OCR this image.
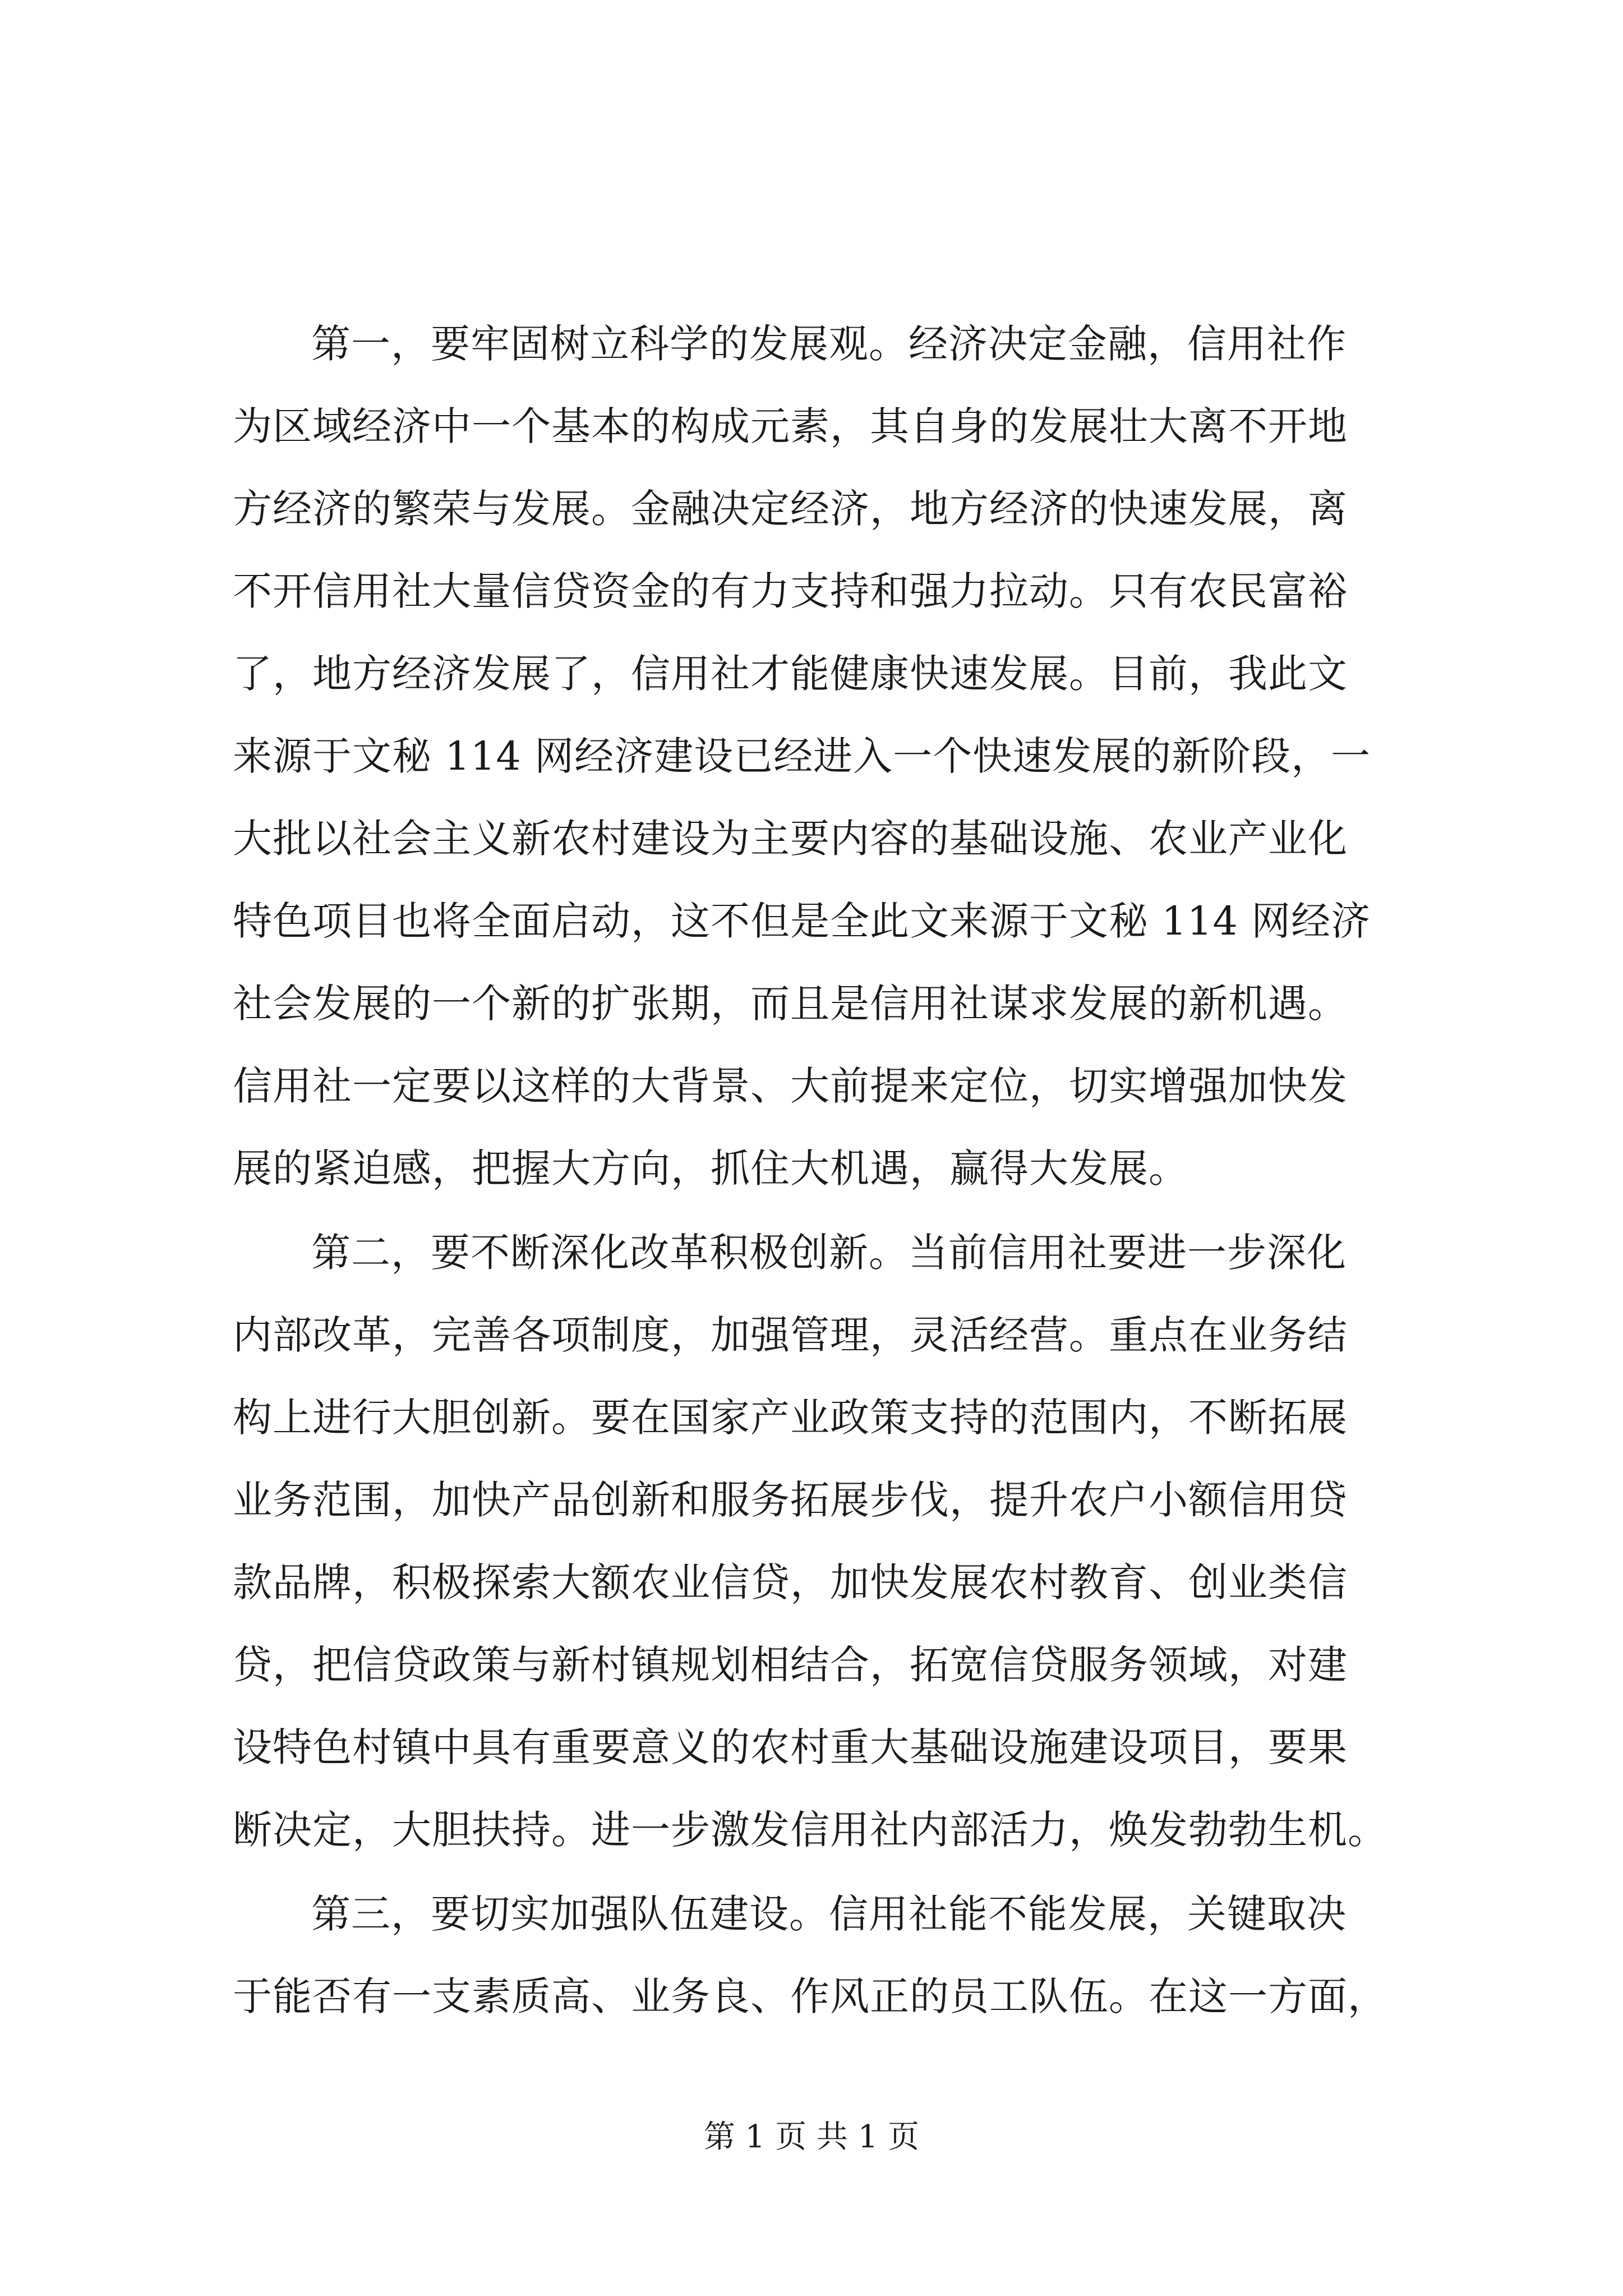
第一，要牢固树立科学的发展观。经济决定金融，信用社作
为区域经济中一个基本的构成元素，其自身的发展壮大离不开地
方经济的繁荣与发展。金融决定经济，地方经济的快速发展，离
不开信用社大量信贷资金的有力支持和强力拉动。只有农民富裕
了，地方经济发展了，信用社才能健康快速发展。目前，我此文
来源于文秘 114 网经济建设已经进入一个快速发展的新阶段，一
大批以社会主义新农村建设为主要内容的基础设施、农业产业化
特色项目也将全面启动，这不但是全此文来源于文秘 114 网经济
社会发展的一个新的扩张期，而且是信用社谋求发展的新机遇。
信用社一定要以这样的大背景、大前提来定位，切实增强加快发
展的紧迫感，把握大方向，抓住大机遇，赢得大发展。
第二，要不断深化改革积极创新。当前信用社要进一步深化
内部改革，完善各项制度，加强管理，灵活经营。重点在业务结
构上进行大胆创新。要在国家产业政策支持的范围内，不断拓展
业务范围，加快产品创新和服务拓展步伐，提升农户小额信用贷
款品牌，积极探索大额农业信贷，加快发展农村教育、创业类信
贷，把信贷政策与新村镇规划相结合，拓宽信贷服务领域，对建
设特色村镇中具有重要意义的农村重大基础设施建设项目，要果
断决定，大胆扶持。进一步激发信用社内部活力，焕发勃勃生机。
第三，要切实加强队伍建设。信用社能不能发展，关键取决
于能否有一支素质高、业务良、作风正的员工队伍。在这一方面，
第 1 页 共 1 页
